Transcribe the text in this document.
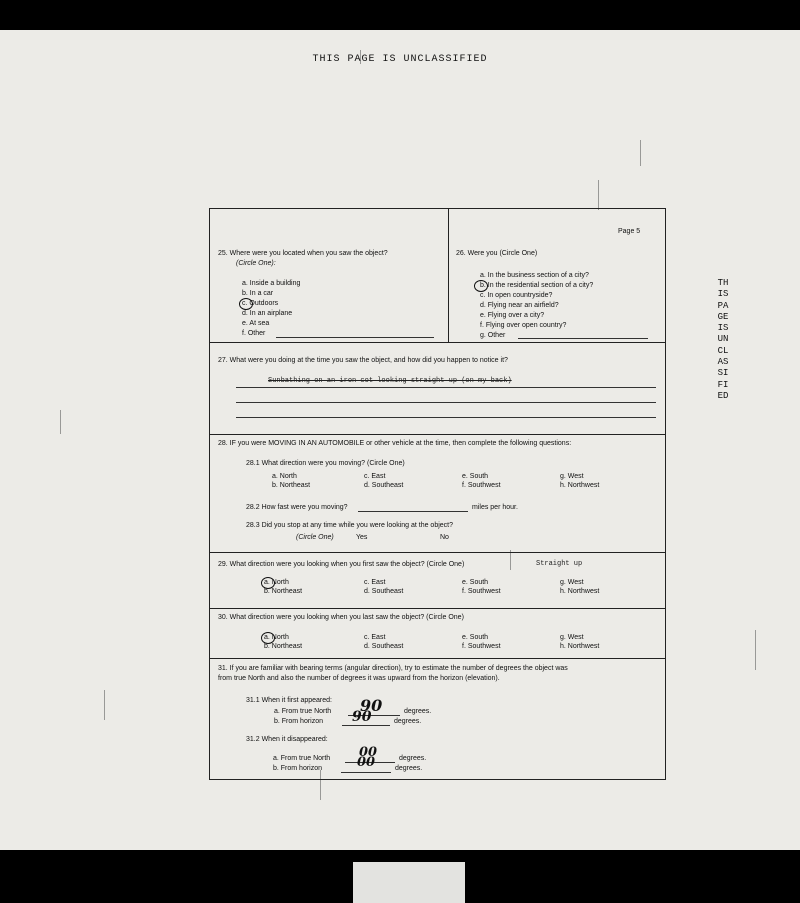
THIS PAGE IS UNCLASSIFIED
Page 5
THIS PAGE IS UNCLASSIFIED
25. Where were you located when you saw the object?
(Circle One):
a. Inside a building
b. In a car
c. Outdoors
d. In an airplane
e. At sea
f. Other
26. Were you (Circle One)
a. In the business section of a city?
b. In the residential section of a city?
c. In open countryside?
d. Flying near an airfield?
e. Flying over a city?
f. Flying over open country?
g. Other
27. What were you doing at the time you saw the object, and how did you happen to notice it?
Sunbathing on an iron cot looking straight up (on my back)
28. IF you were MOVING IN AN AUTOMOBILE or other vehicle at the time, then complete the following questions:
28.1 What direction were you moving? (Circle One)
a. North
b. Northeast
c. East
d. Southeast
e. South
f. Southwest
g. West
h. Northwest
28.2 How fast were you moving?	miles per hour.
28.3 Did you stop at any time while you were looking at the object?
(Circle One)	Yes	No
29. What direction were you looking when you first saw the object? (Circle One)	Straight up
a. North
b. Northeast
c. East
d. Southeast
e. South
f. Southwest
g. West
h. Northwest
30. What direction were you looking when you last saw the object? (Circle One)
a. North
b. Northeast
c. East
d. Southeast
e. South
f. Southwest
g. West
h. Northwest
31. If you are familiar with bearing terms (angular direction), try to estimate the number of degrees the object was
from true North and also the number of degrees it was upward from the horizon (elevation).
31.1 When it first appeared:
a. From true North 90	degrees.
b. From horizon 90	degrees.
31.2 When it disappeared:
a. From true North 00	degrees.
b. From horizon	00	degrees.
